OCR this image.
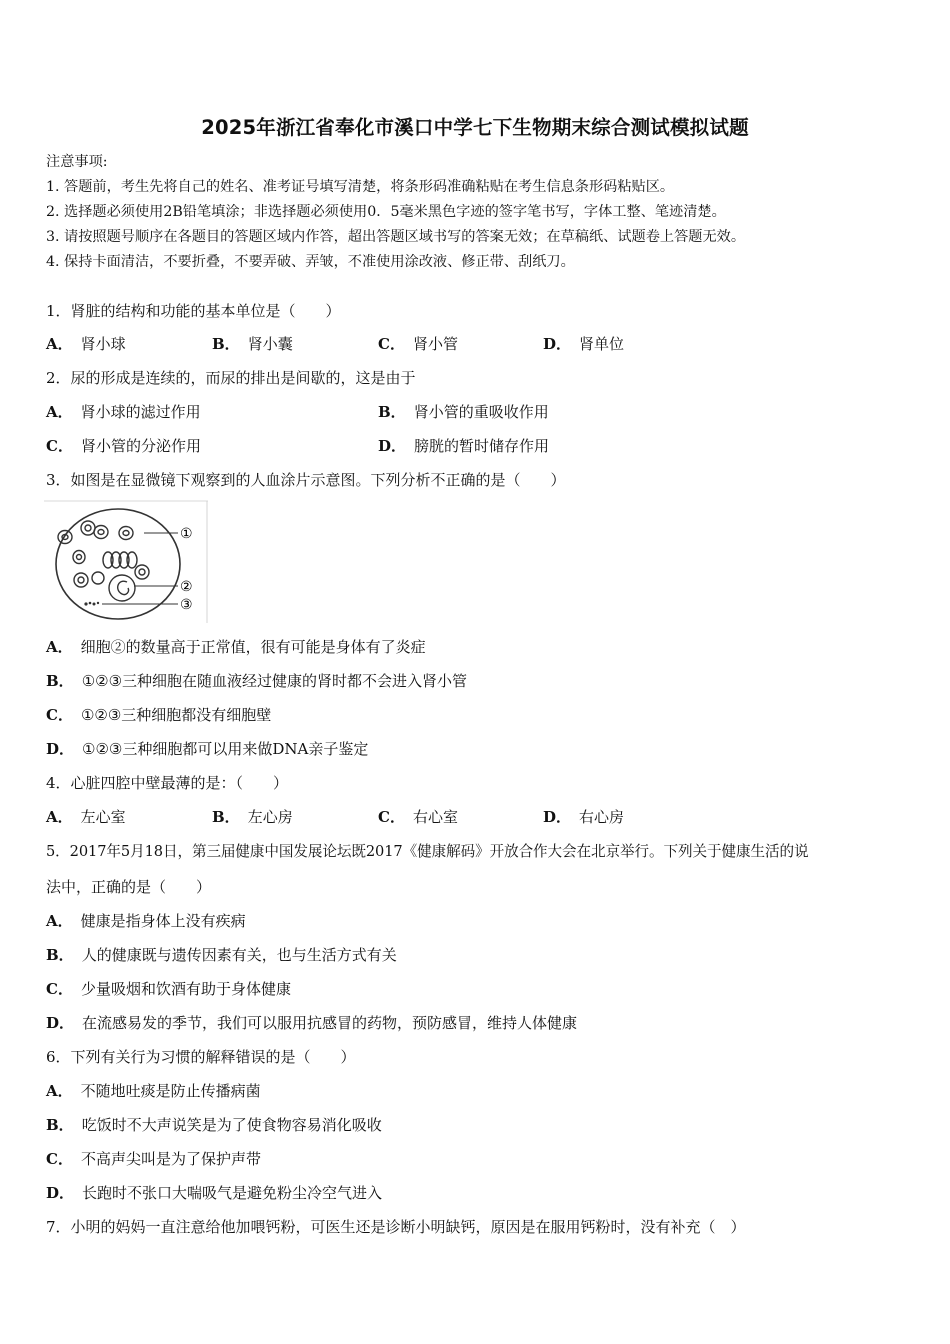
2025年浙江省奉化市溪口中学七下生物期末综合测试模拟试题
注意事项:
1. 答题前，考生先将自己的姓名、准考证号填写清楚，将条形码准确粘贴在考生信息条形码粘贴区。
2. 选择题必须使用2B铅笔填涂；非选择题必须使用0．5毫米黑色字迹的签字笔书写，字体工整、笔迹清楚。
3. 请按照题号顺序在各题目的答题区域内作答，超出答题区域书写的答案无效；在草稿纸、试题卷上答题无效。
4. 保持卡面清洁，不要折叠，不要弄破、弄皱，不准使用涂改液、修正带、刮纸刀。
1．肾脏的结构和功能的基本单位是（　　）
A． 肾小球	B． 肾小囊	C． 肾小管	D． 肾单位
2．尿的形成是连续的，而尿的排出是间歇的，这是由于
A． 肾小球的滤过作用	B． 肾小管的重吸收作用
C． 肾小管的分泌作用	D． 膀胱的暂时储存作用
3．如图是在显微镜下观察到的人血涂片示意图。下列分析不正确的是（　　）
①
②
③
A． 细胞②的数量高于正常值，很有可能是身体有了炎症
B． ①②③三种细胞在随血液经过健康的肾时都不会进入肾小管
C． ①②③三种细胞都没有细胞壁
D． ①②③三种细胞都可以用来做DNA亲子鉴定
4．心脏四腔中壁最薄的是：（　　）
A． 左心室	B． 左心房	C． 右心室	D． 右心房
5．2017年5月18日，第三届健康中国发展论坛既2017《健康解码》开放合作大会在北京举行。下列关于健康生活的说
法中，正确的是（　　）
A． 健康是指身体上没有疾病
B． 人的健康既与遗传因素有关，也与生活方式有关
C． 少量吸烟和饮酒有助于身体健康
D． 在流感易发的季节，我们可以服用抗感冒的药物，预防感冒，维持人体健康
6．下列有关行为习惯的解释错误的是（　　）
A． 不随地吐痰是防止传播病菌
B． 吃饭时不大声说笑是为了使食物容易消化吸收
C． 不高声尖叫是为了保护声带
D． 长跑时不张口大喘吸气是避免粉尘冷空气进入
7．小明的妈妈一直注意给他加喂钙粉，可医生还是诊断小明缺钙，原因是在服用钙粉时，没有补充（　）
